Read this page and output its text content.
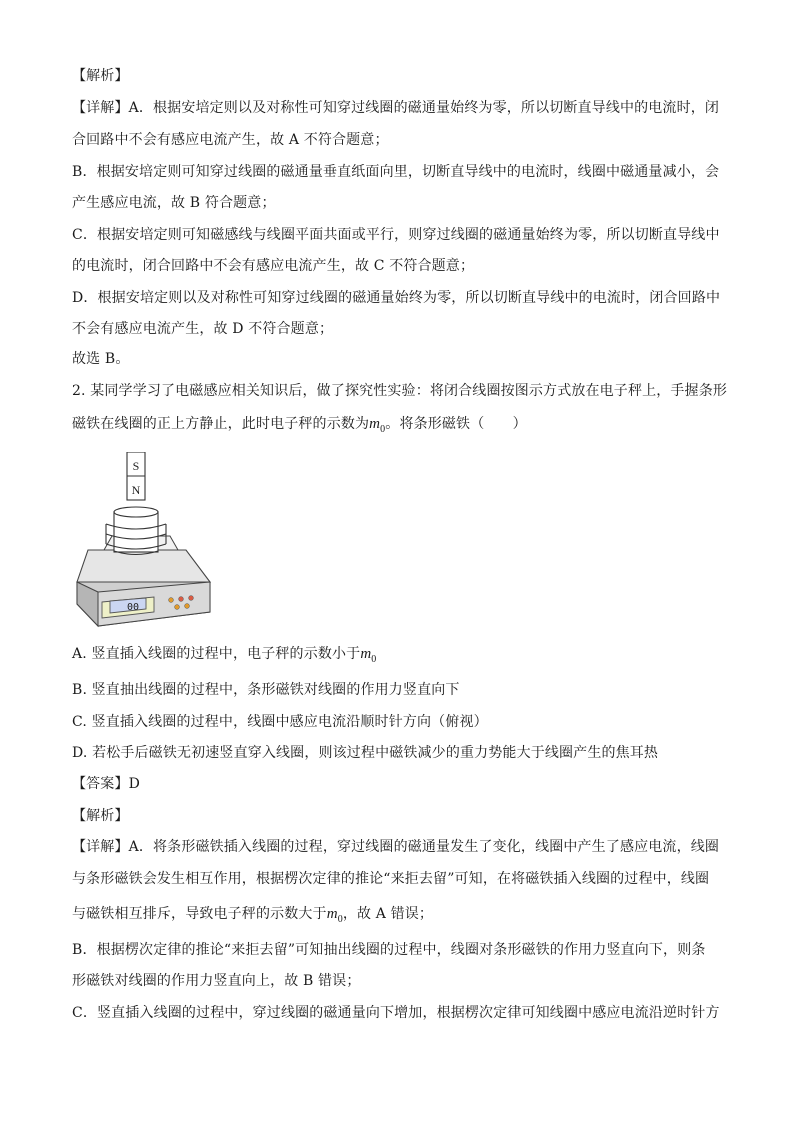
【解析】
【详解】A．根据安培定则以及对称性可知穿过线圈的磁通量始终为零，所以切断直导线中的电流时，闭
合回路中不会有感应电流产生，故 A 不符合题意；
B．根据安培定则可知穿过线圈的磁通量垂直纸面向里，切断直导线中的电流时，线圈中磁通量减小，会
产生感应电流，故 B 符合题意；
C．根据安培定则可知磁感线与线圈平面共面或平行，则穿过线圈的磁通量始终为零，所以切断直导线中
的电流时，闭合回路中不会有感应电流产生，故 C 不符合题意；
D．根据安培定则以及对称性可知穿过线圈的磁通量始终为零，所以切断直导线中的电流时，闭合回路中
不会有感应电流产生，故 D 不符合题意；
故选 B。
2. 某同学学习了电磁感应相关知识后，做了探究性实验：将闭合线圈按图示方式放在电子秤上，手握条形
磁铁在线圈的正上方静止，此时电子秤的示数为$m_0$。将条形磁铁（　　）
S
N
00
A. 竖直插入线圈的过程中，电子秤的示数小于$m_0$
B. 竖直抽出线圈的过程中，条形磁铁对线圈的作用力竖直向下
C. 竖直插入线圈的过程中，线圈中感应电流沿顺时针方向（俯视）
D. 若松手后磁铁无初速竖直穿入线圈，则该过程中磁铁减少的重力势能大于线圈产生的焦耳热
【答案】D
【解析】
【详解】A．将条形磁铁插入线圈的过程，穿过线圈的磁通量发生了变化，线圈中产生了感应电流，线圈
与条形磁铁会发生相互作用，根据楞次定律的推论“来拒去留”可知，在将磁铁插入线圈的过程中，线圈
与磁铁相互排斥，导致电子秤的示数大于$m_0$，故 A 错误；
B．根据楞次定律的推论“来拒去留”可知抽出线圈的过程中，线圈对条形磁铁的作用力竖直向下，则条
形磁铁对线圈的作用力竖直向上，故 B 错误；
C．竖直插入线圈的过程中，穿过线圈的磁通量向下增加，根据楞次定律可知线圈中感应电流沿逆时针方
